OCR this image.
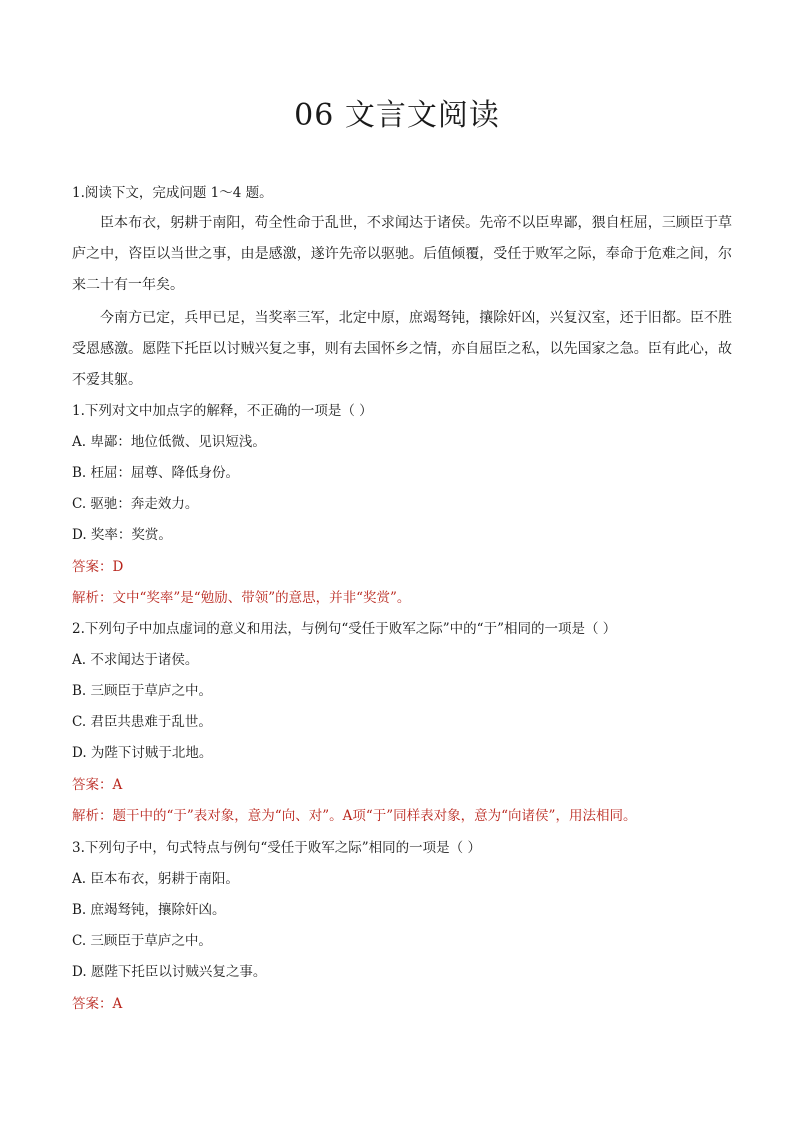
06 文言文阅读
1.阅读下文，完成问题 1～4 题。
臣本布衣，躬耕于南阳，苟全性命于乱世，不求闻达于诸侯。先帝不以臣卑鄙，猥自枉屈，三顾臣于草庐之中，咨臣以当世之事，由是感激，遂许先帝以驱驰。后值倾覆，受任于败军之际，奉命于危难之间，尔来二十有一年矣。
今南方已定，兵甲已足，当奖率三军，北定中原，庶竭驽钝，攘除奸凶，兴复汉室，还于旧都。臣不胜受恩感激。愿陛下托臣以讨贼兴复之事，则有去国怀乡之情，亦自屈臣之私，以先国家之急。臣有此心，故不爱其躯。
1.下列对文中加点字的解释，不正确的一项是（ ）
A. 卑鄙：地位低微、见识短浅。
B. 枉屈：屈尊、降低身份。
C. 驱驰：奔走效力。
D. 奖率：奖赏。
答案：D
解析：文中“奖率”是“勉励、带领”的意思，并非“奖赏”。
2.下列句子中加点虚词的意义和用法，与例句“受任于败军之际”中的“于”相同的一项是（ ）
A. 不求闻达于诸侯。
B. 三顾臣于草庐之中。
C. 君臣共患难于乱世。
D. 为陛下讨贼于北地。
答案：A
解析：题干中的“于”表对象，意为“向、对”。A项“于”同样表对象，意为“向诸侯”，用法相同。
3.下列句子中，句式特点与例句“受任于败军之际”相同的一项是（ ）
A. 臣本布衣，躬耕于南阳。
B. 庶竭驽钝，攘除奸凶。
C. 三顾臣于草庐之中。
D. 愿陛下托臣以讨贼兴复之事。
答案：A
